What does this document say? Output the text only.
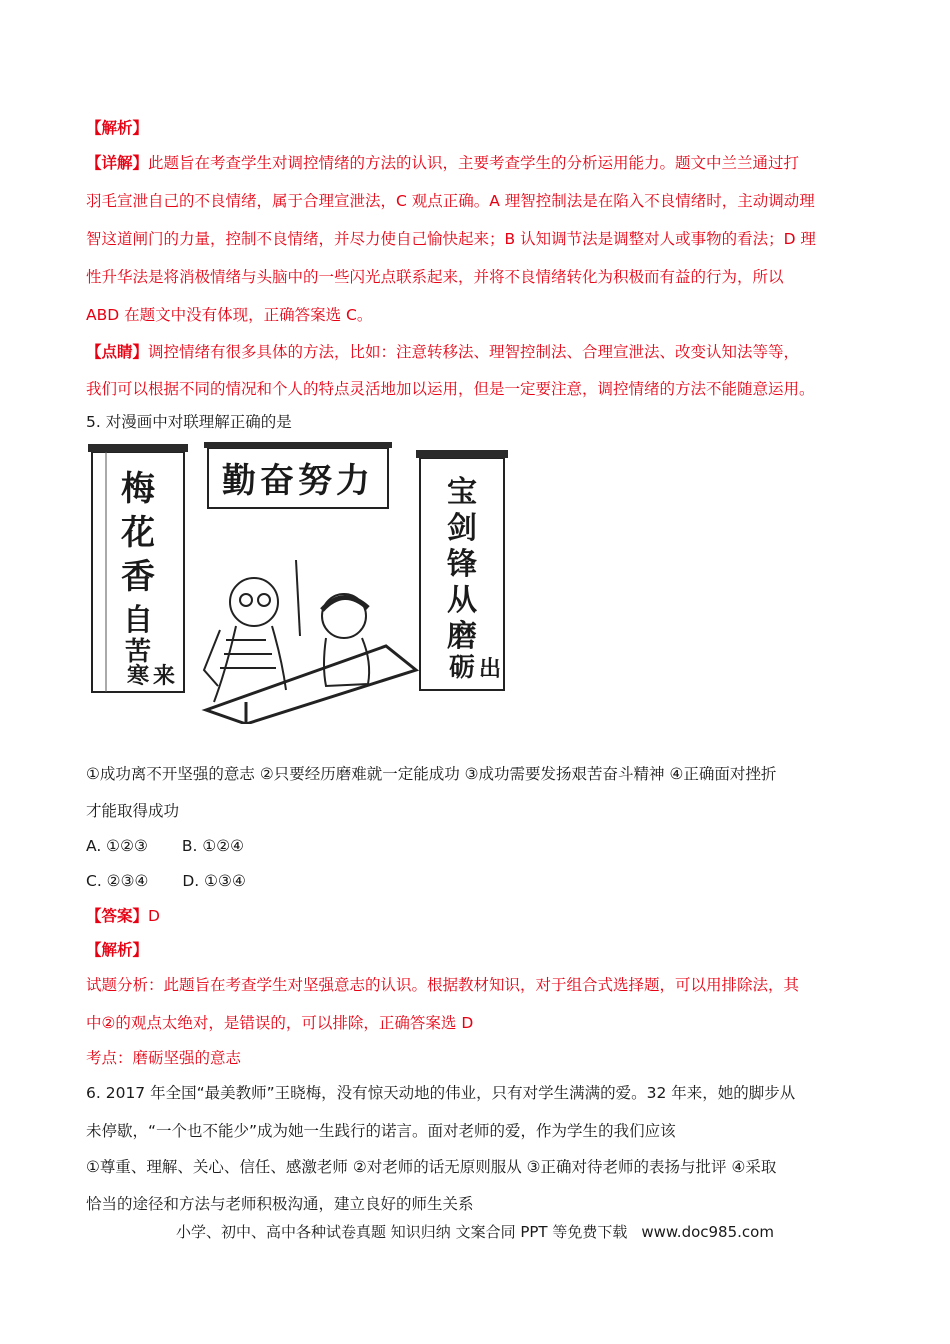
【解析】
【详解】此题旨在考查学生对调控情绪的方法的认识，主要考查学生的分析运用能力。题文中兰兰通过打
羽毛宣泄自己的不良情绪，属于合理宣泄法，C 观点正确。A 理智控制法是在陷入不良情绪时，主动调动理
智这道闸门的力量，控制不良情绪，并尽力使自己愉快起来；B 认知调节法是调整对人或事物的看法；D 理
性升华法是将消极情绪与头脑中的一些闪光点联系起来，并将不良情绪转化为积极而有益的行为，所以
ABD 在题文中没有体现，正确答案选 C。
【点睛】调控情绪有很多具体的方法，比如：注意转移法、理智控制法、合理宣泄法、改变认知法等等，
我们可以根据不同的情况和个人的特点灵活地加以运用，但是一定要注意，调控情绪的方法不能随意运用。
5. 对漫画中对联理解正确的是
梅
花
香
自
苦
寒 来
勤奋努力 宝
剑
锋
从
磨
砺 出
①成功离不开坚强的意志 ②只要经历磨难就一定能成功 ③成功需要发扬艰苦奋斗精神 ④正确面对挫折
才能取得成功
A. ①②③ B. ①②④
C. ②③④ D. ①③④
【答案】D
【解析】
试题分析：此题旨在考查学生对坚强意志的认识。根据教材知识，对于组合式选择题，可以用排除法，其
中②的观点太绝对，是错误的，可以排除，正确答案选 D
考点：磨砺坚强的意志
6. 2017 年全国“最美教师”王晓梅，没有惊天动地的伟业，只有对学生满满的爱。32 年来，她的脚步从
未停歇，“一个也不能少”成为她一生践行的诺言。面对老师的爱，作为学生的我们应该
①尊重、理解、关心、信任、感激老师 ②对老师的话无原则服从 ③正确对待老师的表扬与批评 ④采取
恰当的途径和方法与老师积极沟通，建立良好的师生关系
小学、初中、高中各种试卷真题 知识归纳 文案合同 PPT 等免费下载 www.doc985.com
